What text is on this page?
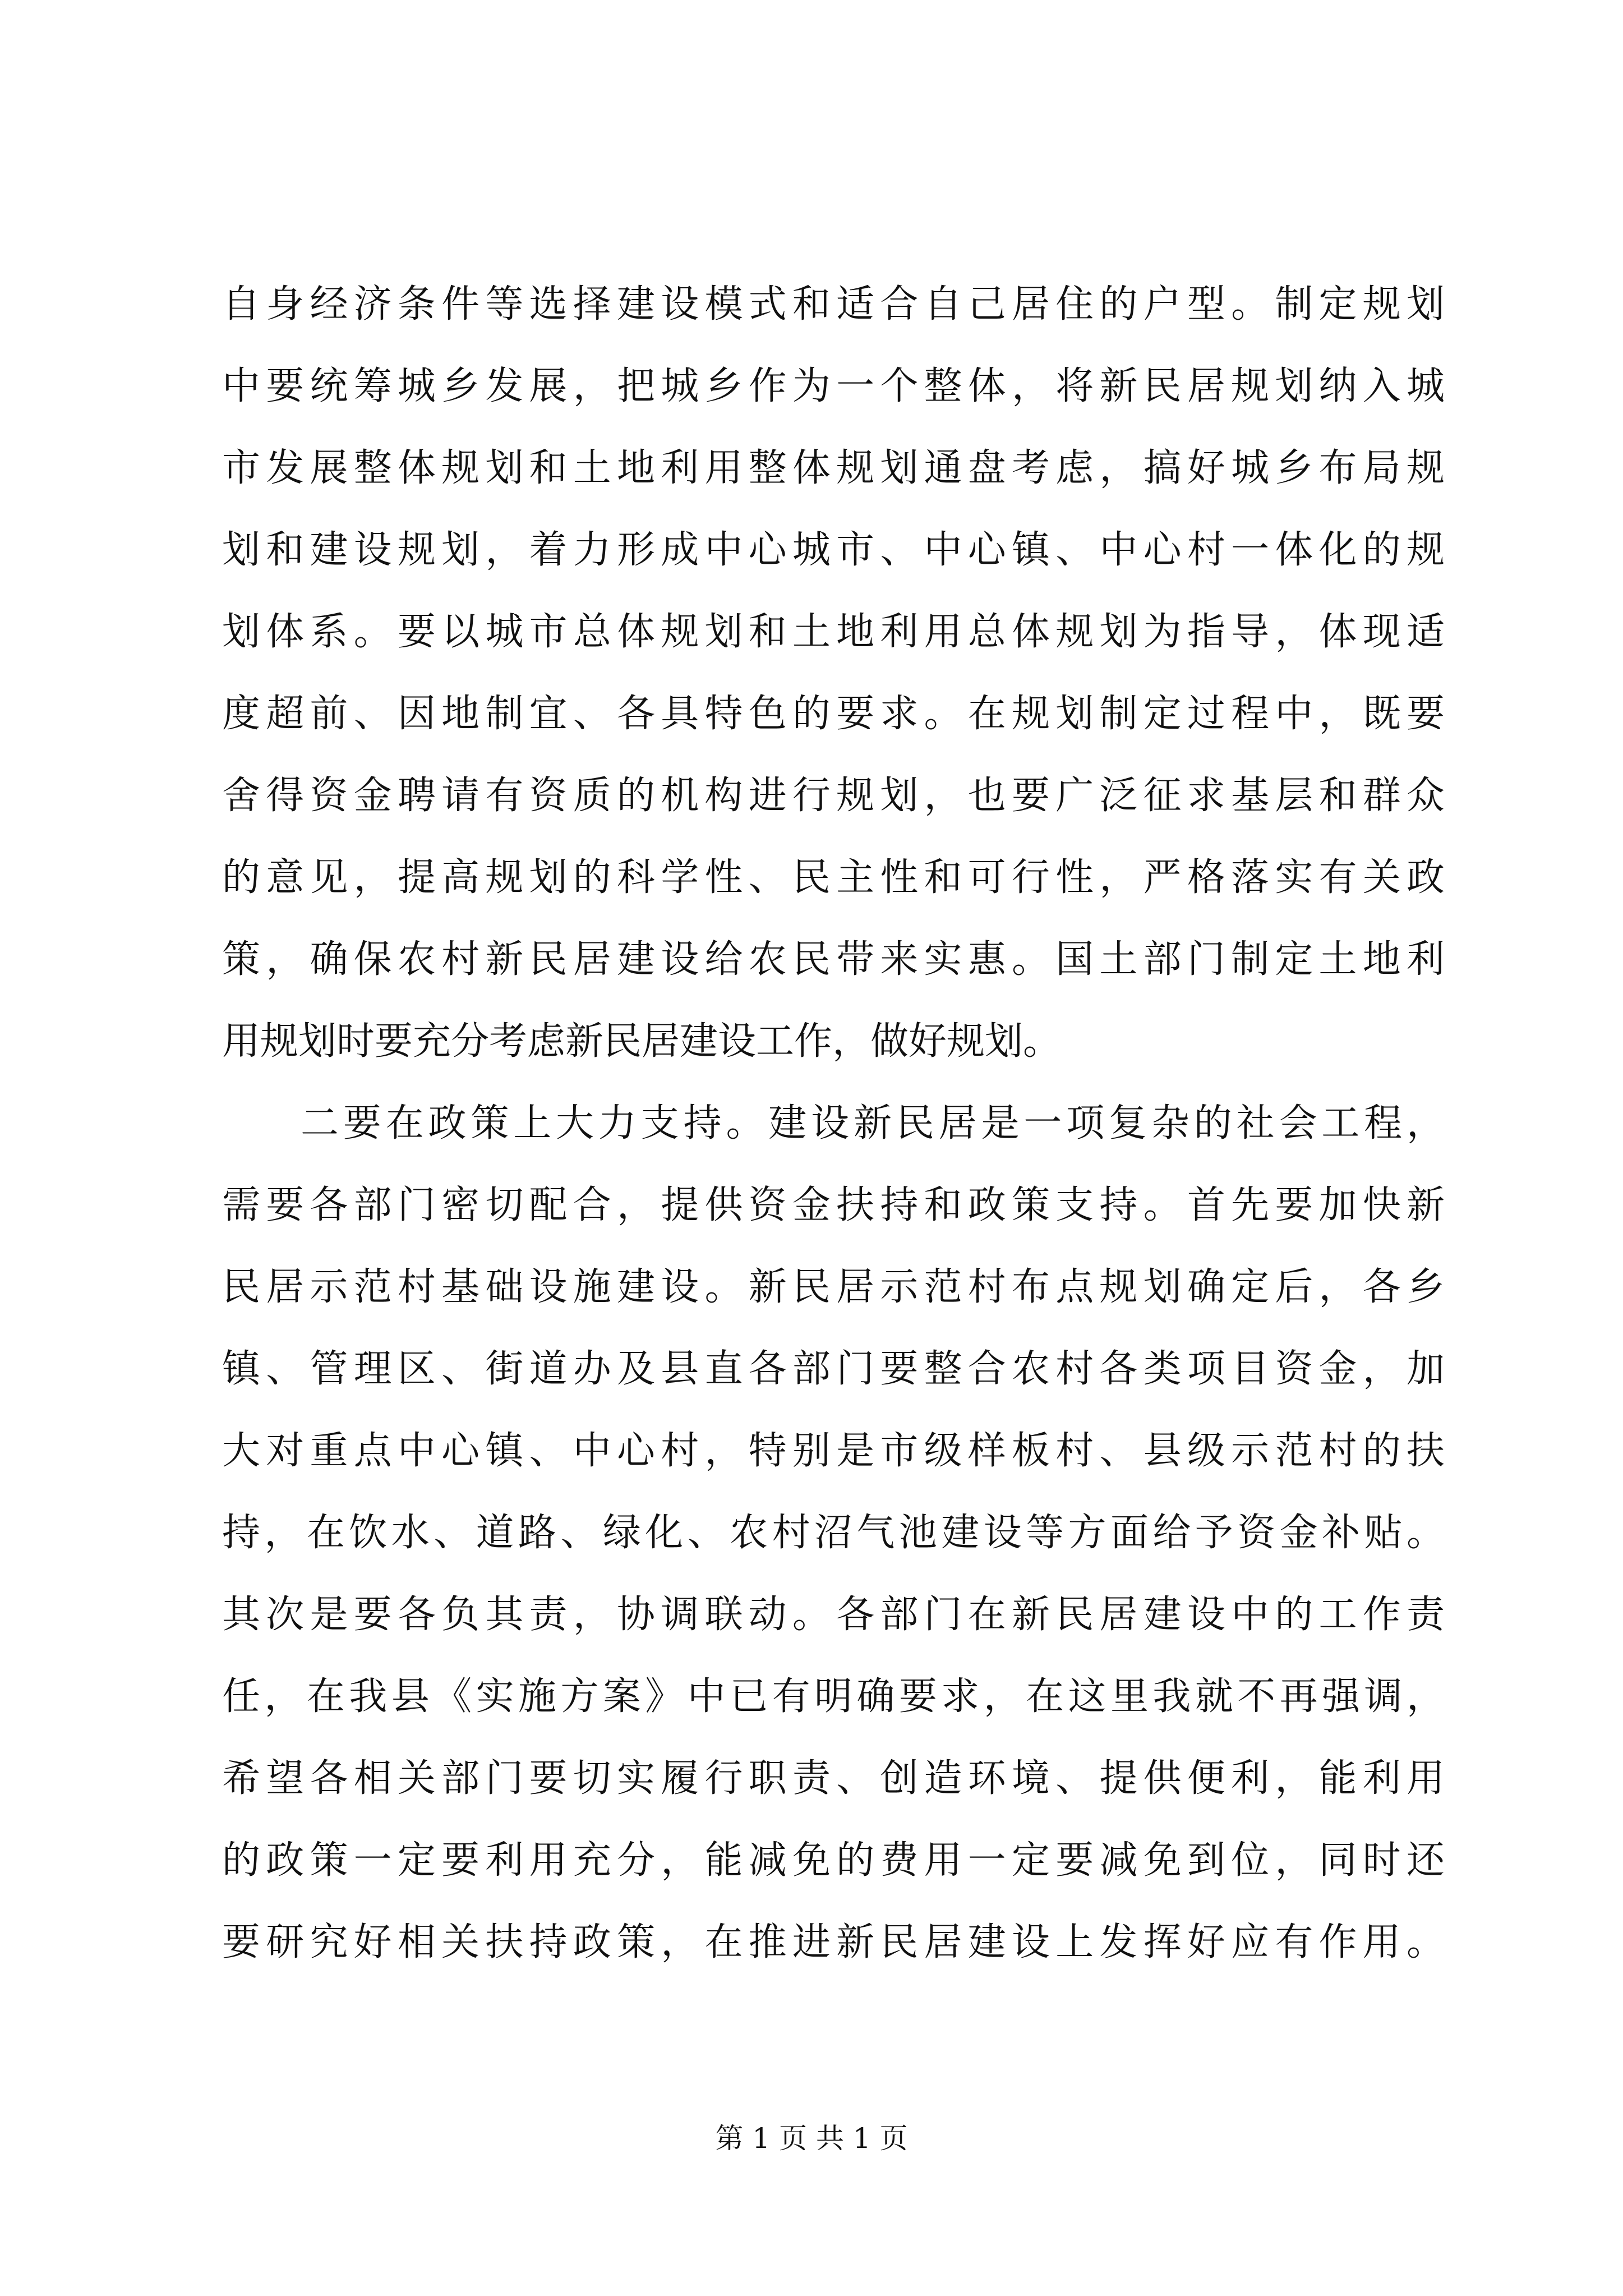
自身经济条件等选择建设模式和适合自己居住的户型。制定规划
中要统筹城乡发展，把城乡作为一个整体，将新民居规划纳入城
市发展整体规划和土地利用整体规划通盘考虑，搞好城乡布局规
划和建设规划，着力形成中心城市、中心镇、中心村一体化的规
划体系。要以城市总体规划和土地利用总体规划为指导，体现适
度超前、因地制宜、各具特色的要求。在规划制定过程中，既要
舍得资金聘请有资质的机构进行规划，也要广泛征求基层和群众
的意见，提高规划的科学性、民主性和可行性，严格落实有关政
策，确保农村新民居建设给农民带来实惠。国土部门制定土地利
用规划时要充分考虑新民居建设工作，做好规划。
二要在政策上大力支持。建设新民居是一项复杂的社会工程，
需要各部门密切配合，提供资金扶持和政策支持。首先要加快新
民居示范村基础设施建设。新民居示范村布点规划确定后，各乡
镇、管理区、街道办及县直各部门要整合农村各类项目资金，加
大对重点中心镇、中心村，特别是市级样板村、县级示范村的扶
持，在饮水、道路、绿化、农村沼气池建设等方面给予资金补贴。
其次是要各负其责，协调联动。各部门在新民居建设中的工作责
任，在我县《实施方案》中已有明确要求，在这里我就不再强调，
希望各相关部门要切实履行职责、创造环境、提供便利，能利用
的政策一定要利用充分，能减免的费用一定要减免到位，同时还
要研究好相关扶持政策，在推进新民居建设上发挥好应有作用。
第 1 页 共 1 页
